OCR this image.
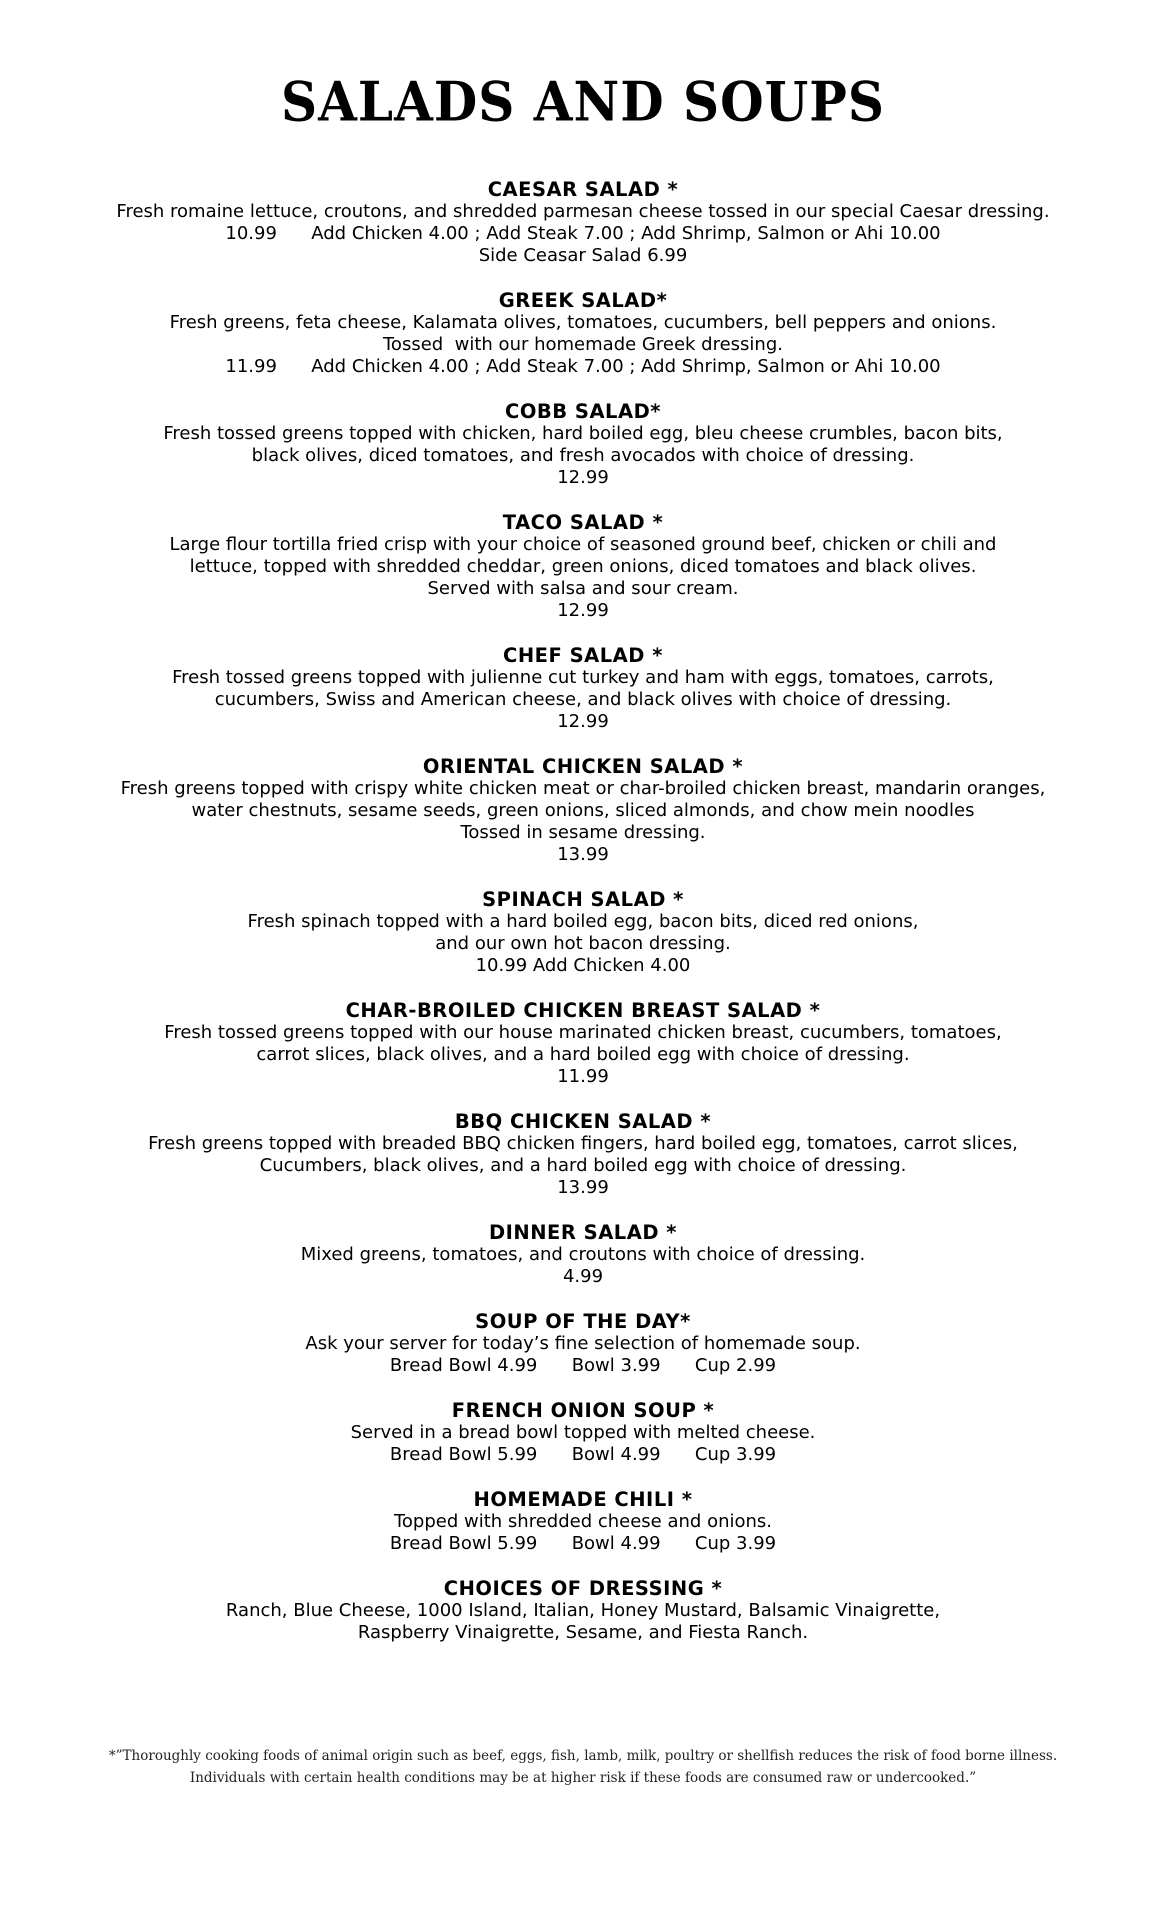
SALADS AND SOUPS
CAESAR SALAD *
Fresh romaine lettuce, croutons, and shredded parmesan cheese tossed in our special Caesar dressing.
10.99      Add Chicken 4.00 ; Add Steak 7.00 ; Add Shrimp, Salmon or Ahi 10.00
Side Ceasar Salad 6.99
GREEK SALAD*
Fresh greens, feta cheese, Kalamata olives, tomatoes, cucumbers, bell peppers and onions.
Tossed  with our homemade Greek dressing.
11.99      Add Chicken 4.00 ; Add Steak 7.00 ; Add Shrimp, Salmon or Ahi 10.00
COBB SALAD*
Fresh tossed greens topped with chicken, hard boiled egg, bleu cheese crumbles, bacon bits,
black olives, diced tomatoes, and fresh avocados with choice of dressing.
12.99
TACO SALAD *
Large flour tortilla fried crisp with your choice of seasoned ground beef, chicken or chili and
lettuce, topped with shredded cheddar, green onions, diced tomatoes and black olives.
Served with salsa and sour cream.
12.99
CHEF SALAD *
Fresh tossed greens topped with julienne cut turkey and ham with eggs, tomatoes, carrots,
cucumbers, Swiss and American cheese, and black olives with choice of dressing.
12.99
ORIENTAL CHICKEN SALAD *
Fresh greens topped with crispy white chicken meat or char-broiled chicken breast, mandarin oranges,
water chestnuts, sesame seeds, green onions, sliced almonds, and chow mein noodles
Tossed in sesame dressing.
13.99
SPINACH SALAD *
Fresh spinach topped with a hard boiled egg, bacon bits, diced red onions,
and our own hot bacon dressing.
10.99 Add Chicken 4.00
CHAR-BROILED CHICKEN BREAST SALAD *
Fresh tossed greens topped with our house marinated chicken breast, cucumbers, tomatoes,
carrot slices, black olives, and a hard boiled egg with choice of dressing.
11.99
BBQ CHICKEN SALAD *
Fresh greens topped with breaded BBQ chicken fingers, hard boiled egg, tomatoes, carrot slices,
Cucumbers, black olives, and a hard boiled egg with choice of dressing.
13.99
DINNER SALAD *
Mixed greens, tomatoes, and croutons with choice of dressing.
4.99
SOUP OF THE DAY*
Ask your server for today’s fine selection of homemade soup.
Bread Bowl 4.99      Bowl 3.99      Cup 2.99
FRENCH ONION SOUP *
Served in a bread bowl topped with melted cheese.
Bread Bowl 5.99      Bowl 4.99      Cup 3.99
HOMEMADE CHILI *
Topped with shredded cheese and onions.
Bread Bowl 5.99      Bowl 4.99      Cup 3.99
CHOICES OF DRESSING *
Ranch, Blue Cheese, 1000 Island, Italian, Honey Mustard, Balsamic Vinaigrette,
Raspberry Vinaigrette, Sesame, and Fiesta Ranch.
*”Thoroughly cooking foods of animal origin such as beef, eggs, fish, lamb, milk, poultry or shellfish reduces the risk of food borne illness.
Individuals with certain health conditions may be at higher risk if these foods are consumed raw or undercooked.”
